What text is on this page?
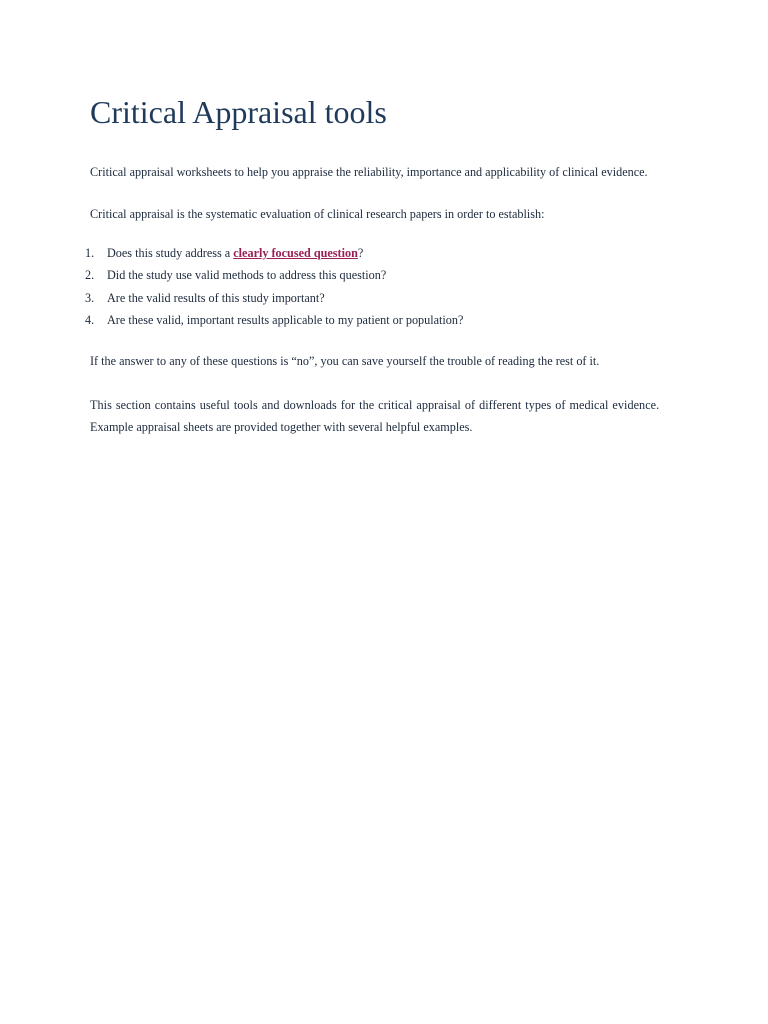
Critical Appraisal tools

Critical appraisal worksheets to help you appraise the reliability, importance and applicability of clinical evidence.

Critical appraisal is the systematic evaluation of clinical research papers in order to establish:

1. Does this study address a clearly focused question?
2. Did the study use valid methods to address this question?
3. Are the valid results of this study important?
4. Are these valid, important results applicable to my patient or population?

If the answer to any of these questions is “no”, you can save yourself the trouble of reading the rest of it.

This section contains useful tools and downloads for the critical appraisal of different types of medical evidence.
Example appraisal sheets are provided together with several helpful examples.
